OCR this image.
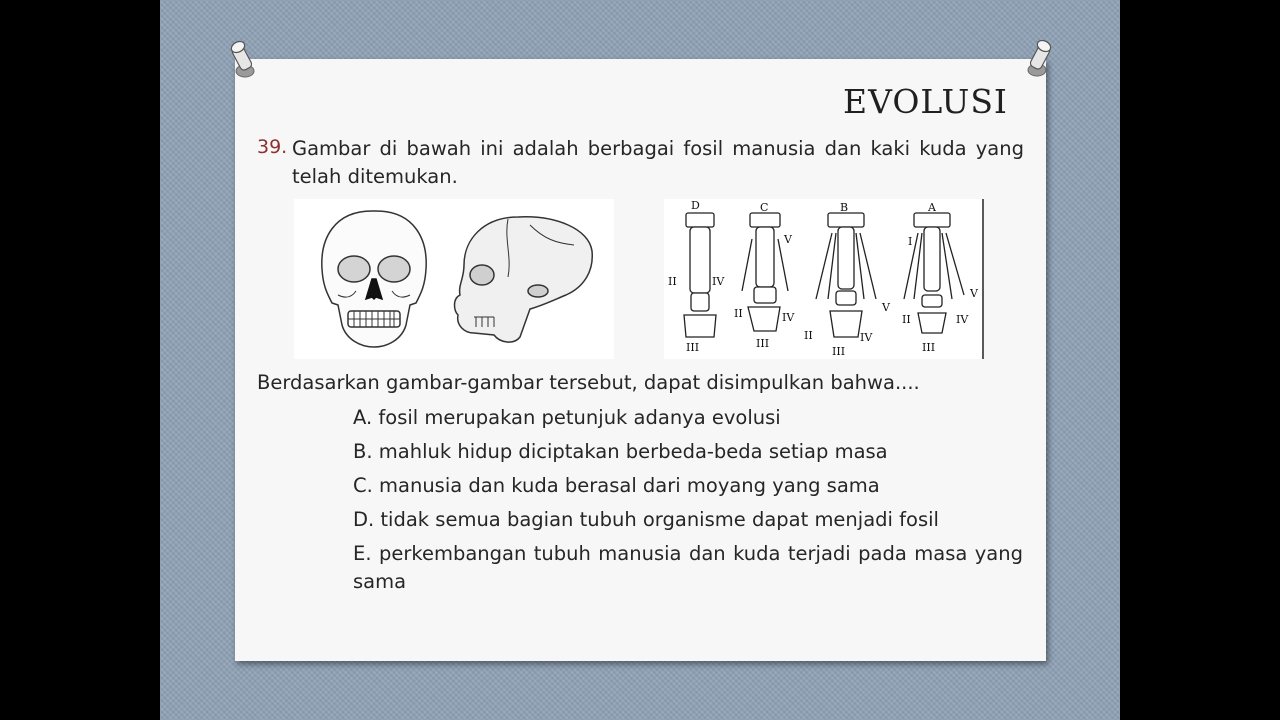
EVOLUSI
39. Gambar di bawah ini adalah berbagai fosil manusia dan kaki kuda yang telah ditemukan.
D	C	B	A
II	IV
III
V
II	IV
III
II
V
IV
III
I
II
V
IV
III
Berdasarkan gambar-gambar tersebut, dapat disimpulkan bahwa....
A. fosil merupakan petunjuk adanya evolusi
B. mahluk hidup diciptakan berbeda-beda setiap masa
C. manusia dan kuda berasal dari moyang yang sama
D. tidak semua bagian tubuh organisme dapat menjadi fosil
E. perkembangan tubuh manusia dan kuda terjadi pada masa yang sama
